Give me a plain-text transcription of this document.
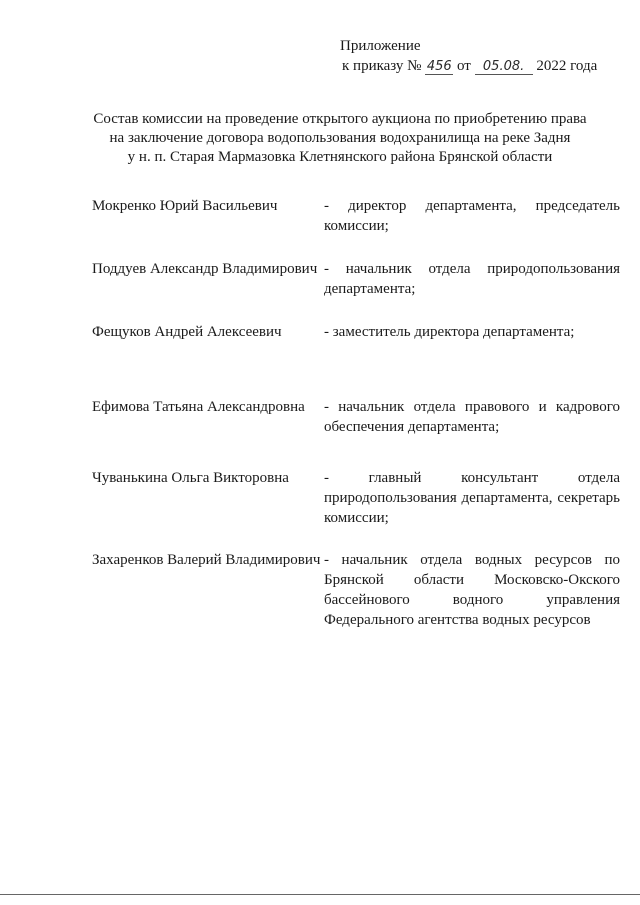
Приложение
к приказу № 456 от 05.08. 2022 года
Состав комиссии на проведение открытого аукциона по приобретению права
на заключение договора водопользования водохранилища на реке Задня
у н. п. Старая Мармазовка Клетнянского района Брянской области
Мокренко Юрий Васильевич	- директор департамента, председатель комиссии;
Поддуев Александр Владимирович - начальник отдела природопользования департамента;
Фещуков Андрей Алексеевич	- заместитель директора департамента;
Ефимова Татьяна Александровна	- начальник отдела правового и кадрового обеспечения департамента;
Чуванькина Ольга Викторовна	- главный консультант отдела природопользования департамента, секретарь комиссии;
Захаренков Валерий Владимирович - начальник отдела водных ресурсов по Брянской области Московско-Окского бассейнового водного управления Федерального агентства водных ресурсов
